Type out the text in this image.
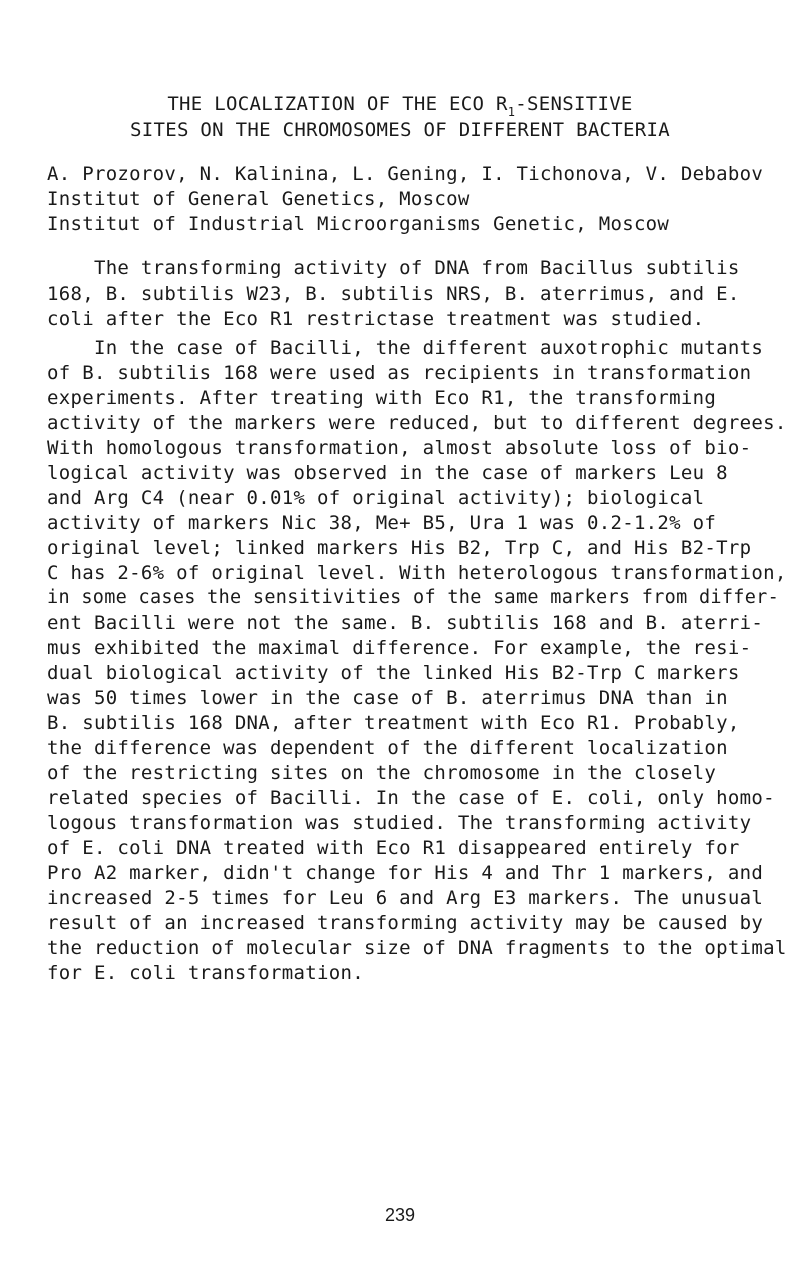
THE LOCALIZATION OF THE ECO $R_1$-SENSITIVE
SITES ON THE CHROMOSOMES OF DIFFERENT BACTERIA
A. Prozorov, N. Kalinina, L. Gening, I. Tichonova, V. Debabov
Institut of General Genetics, Moscow
Institut of Industrial Microorganisms Genetic, Moscow
The transforming activity of DNA from Bacillus subtilis
168, B. subtilis W23, B. subtilis NRS, B. aterrimus, and E.
coli after the Eco R1 restrictase treatment was studied.
In the case of Bacilli, the different auxotrophic mutants
of B. subtilis 168 were used as recipients in transformation
experiments. After treating with Eco R1, the transforming
activity of the markers were reduced, but to different degrees.
With homologous transformation, almost absolute loss of bio-
logical activity was observed in the case of markers Leu 8
and Arg C4 (near 0.01% of original activity); biological
activity of markers Nic 38, Me+ B5, Ura 1 was 0.2-1.2% of
original level; linked markers His B2, Trp C, and His B2-Trp
C has 2-6% of original level. With heterologous transformation,
in some cases the sensitivities of the same markers from differ-
ent Bacilli were not the same. B. subtilis 168 and B. aterri-
mus exhibited the maximal difference. For example, the resi-
dual biological activity of the linked His B2-Trp C markers
was 50 times lower in the case of B. aterrimus DNA than in
B. subtilis 168 DNA, after treatment with Eco R1. Probably,
the difference was dependent of the different localization
of the restricting sites on the chromosome in the closely
related species of Bacilli. In the case of E. coli, only homo-
logous transformation was studied. The transforming activity
of E. coli DNA treated with Eco R1 disappeared entirely for
Pro A2 marker, didn't change for His 4 and Thr 1 markers, and
increased 2-5 times for Leu 6 and Arg E3 markers. The unusual
result of an increased transforming activity may be caused by
the reduction of molecular size of DNA fragments to the optimal
for E. coli transformation.
239
